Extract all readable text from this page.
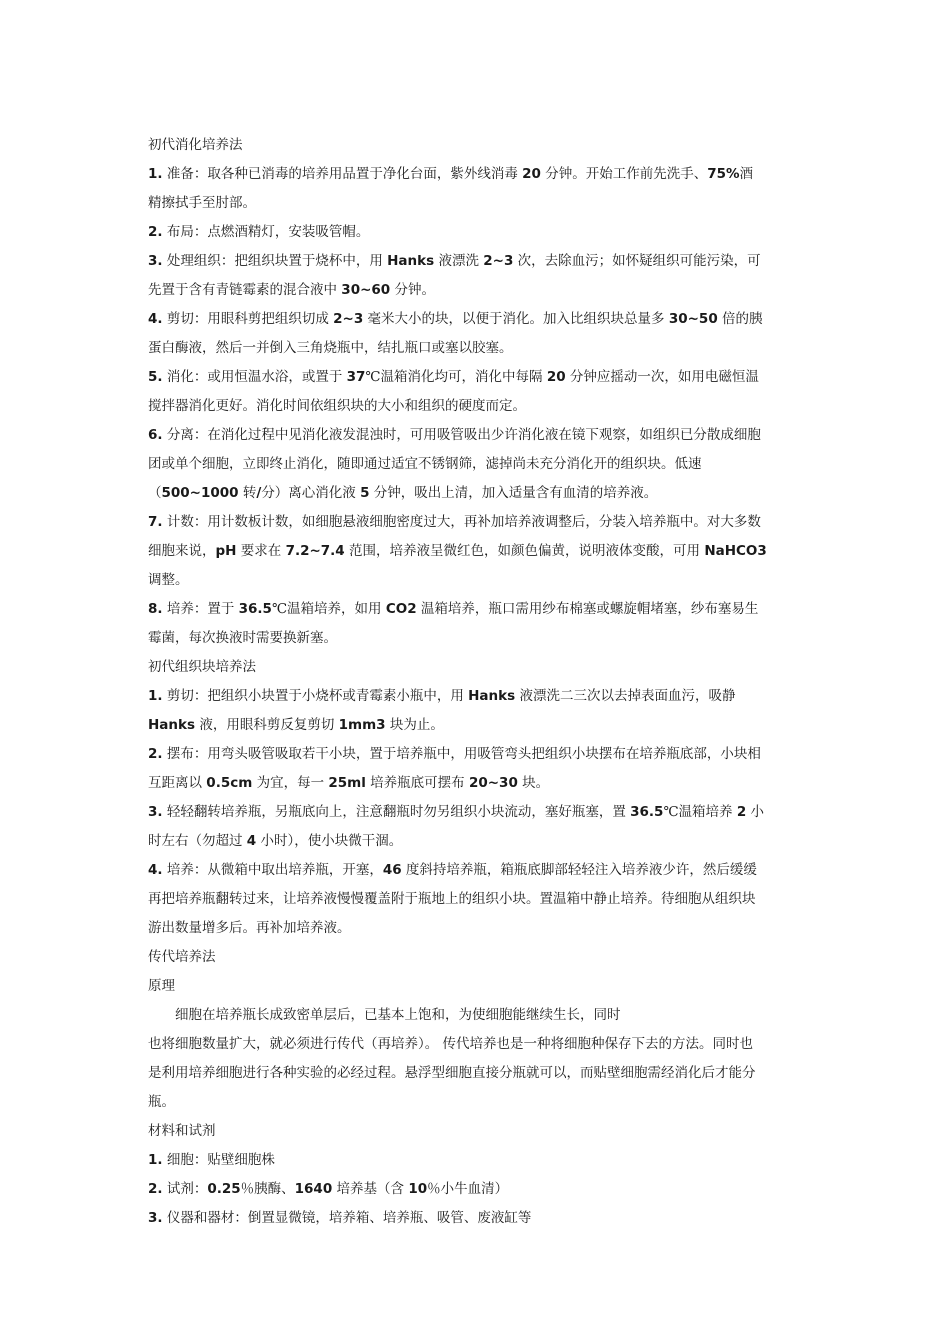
初代消化培养法
1. 准备：取各种已消毒的培养用品置于净化台面，紫外线消毒 20 分钟。开始工作前先洗手、75%酒
精擦拭手至肘部。
2. 布局：点燃酒精灯，安装吸管帽。
3. 处理组织：把组织块置于烧杯中，用 Hanks 液漂洗 2~3 次，去除血污；如怀疑组织可能污染，可
先置于含有青链霉素的混合液中 30~60 分钟。
4. 剪切：用眼科剪把组织切成 2~3 毫米大小的块，以便于消化。加入比组织块总量多 30~50 倍的胰
蛋白酶液，然后一并倒入三角烧瓶中，结扎瓶口或塞以胶塞。
5. 消化：或用恒温水浴，或置于 37℃温箱消化均可，消化中每隔 20 分钟应摇动一次，如用电磁恒温
搅拌器消化更好。消化时间依组织块的大小和组织的硬度而定。
6. 分离：在消化过程中见消化液发混浊时，可用吸管吸出少许消化液在镜下观察，如组织已分散成细胞
团或单个细胞，立即终止消化，随即通过适宜不锈钢筛，滤掉尚未充分消化开的组织块。低速
（500~1000 转/分）离心消化液 5 分钟，吸出上清，加入适量含有血清的培养液。
7. 计数：用计数板计数，如细胞悬液细胞密度过大，再补加培养液调整后，分装入培养瓶中。对大多数
细胞来说，pH 要求在 7.2~7.4 范围，培养液呈微红色，如颜色偏黄，说明液体变酸，可用 NaHCO3
调整。
8. 培养：置于 36.5℃温箱培养，如用 CO2 温箱培养，瓶口需用纱布棉塞或螺旋帽堵塞，纱布塞易生
霉菌，每次换液时需要换新塞。
初代组织块培养法
1. 剪切：把组织小块置于小烧杯或青霉素小瓶中，用 Hanks 液漂洗二三次以去掉表面血污，吸静
Hanks 液，用眼科剪反复剪切 1mm3 块为止。
2. 摆布：用弯头吸管吸取若干小块，置于培养瓶中，用吸管弯头把组织小块摆布在培养瓶底部，小块相
互距离以 0.5cm 为宜，每一 25ml 培养瓶底可摆布 20~30 块。
3. 轻轻翻转培养瓶，另瓶底向上，注意翻瓶时勿另组织小块流动，塞好瓶塞，置 36.5℃温箱培养 2 小
时左右（勿超过 4 小时），使小块微干涸。
4. 培养：从微箱中取出培养瓶，开塞，46 度斜持培养瓶，箱瓶底脚部轻轻注入培养液少许，然后缓缓
再把培养瓶翻转过来，让培养液慢慢覆盖附于瓶地上的组织小块。置温箱中静止培养。待细胞从组织块
游出数量增多后。再补加培养液。
传代培养法
原理
细胞在培养瓶长成致密单层后，已基本上饱和，为使细胞能继续生长，同时
也将细胞数量扩大，就必须进行传代（再培养）。 传代培养也是一种将细胞种保存下去的方法。同时也
是利用培养细胞进行各种实验的必经过程。悬浮型细胞直接分瓶就可以，而贴壁细胞需经消化后才能分
瓶。
材料和试剂
1. 细胞：贴壁细胞株
2. 试剂：0.25％胰酶、1640 培养基（含 10％小牛血清）
3. 仪器和器材：倒置显微镜，培养箱、培养瓶、吸管、废液缸等
